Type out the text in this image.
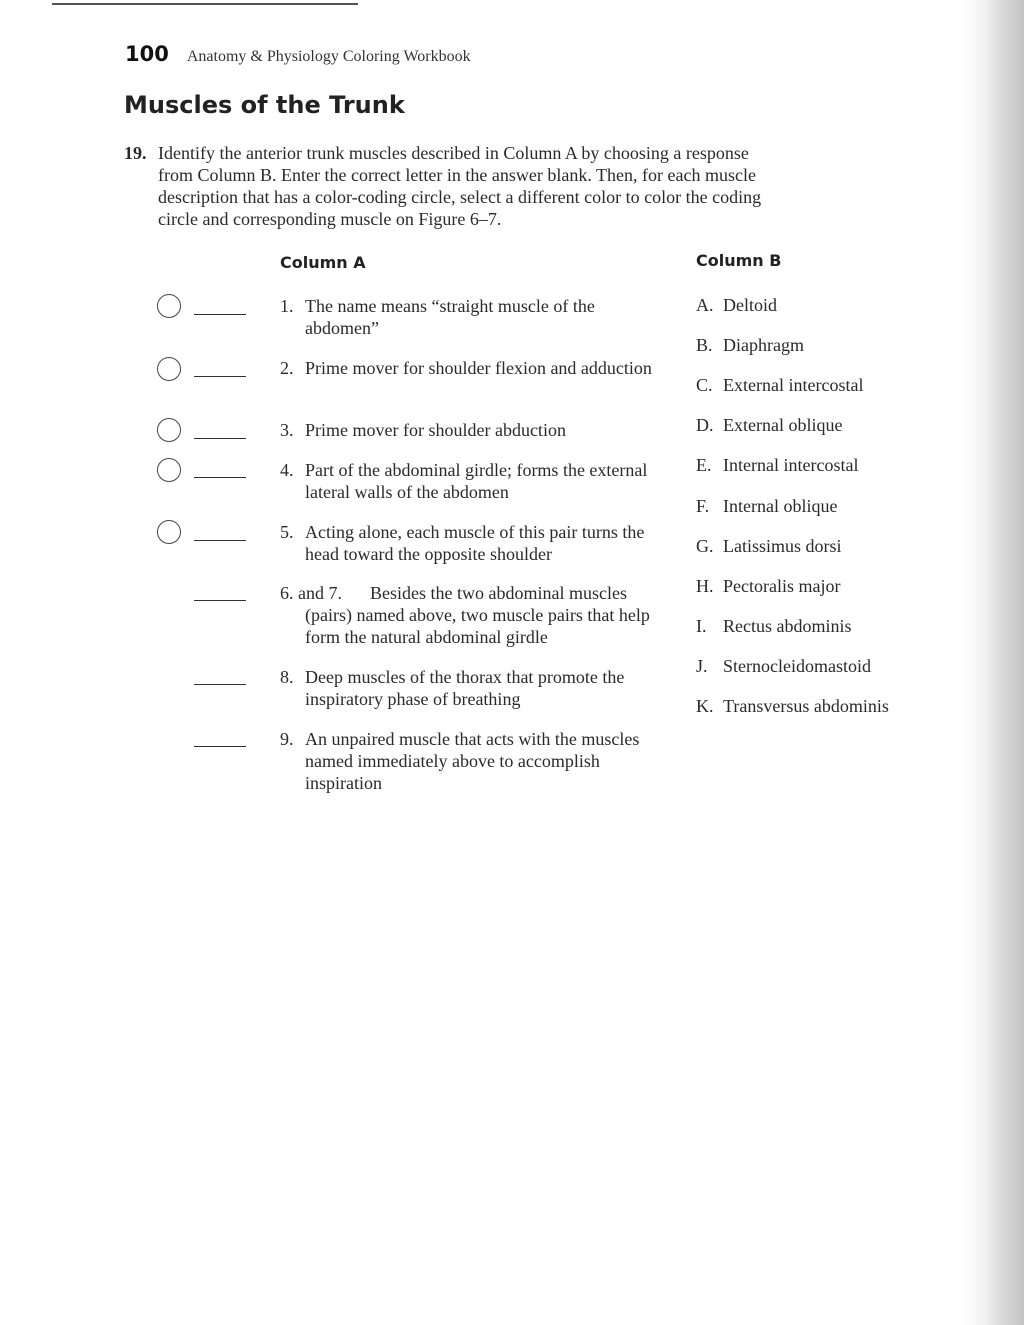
100 Anatomy & Physiology Coloring Workbook
Muscles of the Trunk
19. Identify the anterior trunk muscles described in Column A by choosing a response from Column B. Enter the correct letter in the answer blank. Then, for each muscle description that has a color-coding circle, select a different color to color the coding circle and corresponding muscle on Figure 6–7.
Column A	Column B
1. The name means “straight muscle of the abdomen”
2. Prime mover for shoulder flexion and adduction
3. Prime mover for shoulder abduction
4. Part of the abdominal girdle; forms the external lateral walls of the abdomen
5. Acting alone, each muscle of this pair turns the head toward the opposite shoulder
6. and 7.	Besides the two abdominal muscles (pairs) named above, two muscle pairs that help form the natural abdominal girdle
8. Deep muscles of the thorax that promote the inspiratory phase of breathing
9. An unpaired muscle that acts with the muscles named immediately above to accomplish inspiration
A. Deltoid
B. Diaphragm
C. External intercostal
D. External oblique
E. Internal intercostal
F. Internal oblique
G. Latissimus dorsi
H. Pectoralis major
I. Rectus abdominis
J. Sternocleidomastoid
K. Transversus abdominis
